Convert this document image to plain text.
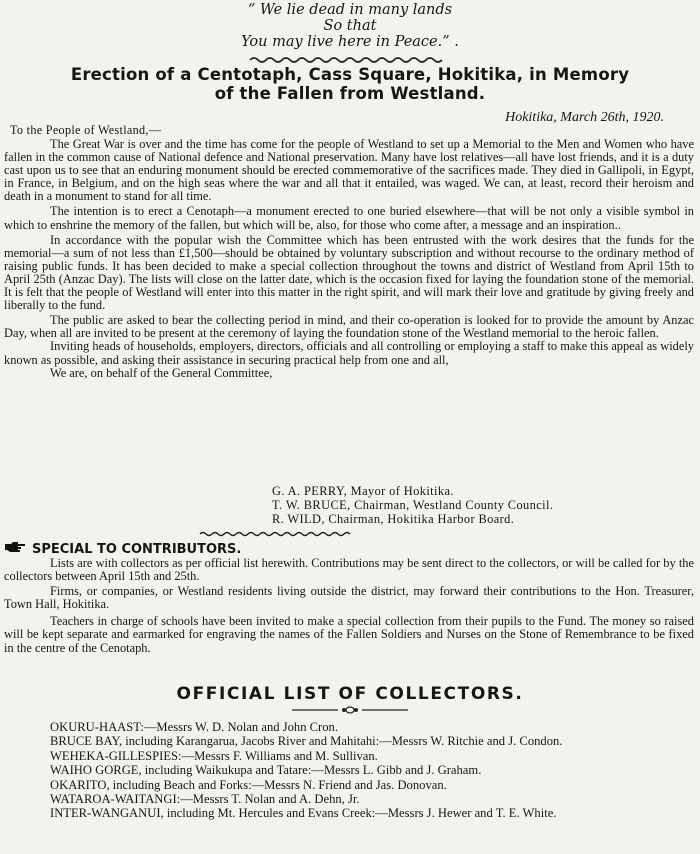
“ We lie dead in many lands
So that
You may live here in Peace.” .
Erection of a Centotaph, Cass Square, Hokitika, in Memory
of the Fallen from Westland.
Hokitika, March 26th, 1920.
To the People of Westland,—

The Great War is over and the time has come for the people of Westland to set up a Memorial to the Men and Women who have fallen in the common cause of National defence and National preservation. Many have lost relatives—all have lost friends, and it is a duty cast upon us to see that an enduring monument should be erected commemorative of the sacrifices made. They died in Gallipoli, in Egypt, in France, in Belgium, and on the high seas where the war and all that it entailed, was waged. We can, at least, record their heroism and death in a monument to stand for all time.

The intention is to erect a Cenotaph—a monument erected to one buried elsewhere—that will be not only a visible symbol in which to enshrine the memory of the fallen, but which will be, also, for those who come after, a message and an inspiration..

In accordance with the popular wish the Committee which has been entrusted with the work desires that the funds for the memorial—a sum of not less than £1,500—should be obtained by voluntary subscription and without recourse to the ordinary method of raising public funds. It has been decided to make a special collection throughout the towns and district of Westland from April 15th to April 25th (Anzac Day). The lists will close on the latter date, which is the occasion fixed for laying the foundation stone of the memorial. It is felt that the people of Westland will enter into this matter in the right spirit, and will mark their love and gratitude by giving freely and liberally to the fund.

The public are asked to bear the collecting period in mind, and their co-operation is looked for to provide the amount by Anzac Day, when all are invited to be present at the ceremony of laying the foundation stone of the Westland memorial to the heroic fallen.

Inviting heads of households, employers, directors, officials and all controlling or employing a staff to make this appeal as widely known as possible, and asking their assistance in securing practical help from one and all,

We are, on behalf of the General Committee,

G. A. PERRY, Mayor of Hokitika.
T. W. BRUCE, Chairman, Westland County Council.
R. WILD, Chairman, Hokitika Harbor Board.
SPECIAL TO CONTRIBUTORS.

Lists are with collectors as per official list herewith. Contributions may be sent direct to the collectors, or will be called for by the collectors between April 15th and 25th.

Firms, or companies, or Westland residents living outside the district, may forward their contributions to the Hon. Treasurer, Town Hall, Hokitika.

Teachers in charge of schools have been invited to make a special collection from their pupils to the Fund. The money so raised will be kept separate and earmarked for engraving the names of the Fallen Soldiers and Nurses on the Stone of Remembrance to be fixed in the centre of the Cenotaph.

OFFICIAL LIST OF COLLECTORS.

OKURU-HAAST:—Messrs W. D. Nolan and John Cron.

BRUCE BAY, including Karangarua, Jacobs River and Mahitahi:—Messrs W. Ritchie and J. Condon.

WEHEKA-GILLESPIES:—Messrs F. Williams and M. Sullivan.

WAIHO GORGE, including Waikukupa and Tatare:—Messrs L. Gibb and J. Graham.

OKARITO, including Beach and Forks:—Messrs N. Friend and Jas. Donovan.

WATAROA-WAITANGI:—Messrs T. Nolan and A. Dehn, Jr.

INTER-WANGANUI, including Mt. Hercules and Evans Creek:—Messrs J. Hewer and T. E. White.
